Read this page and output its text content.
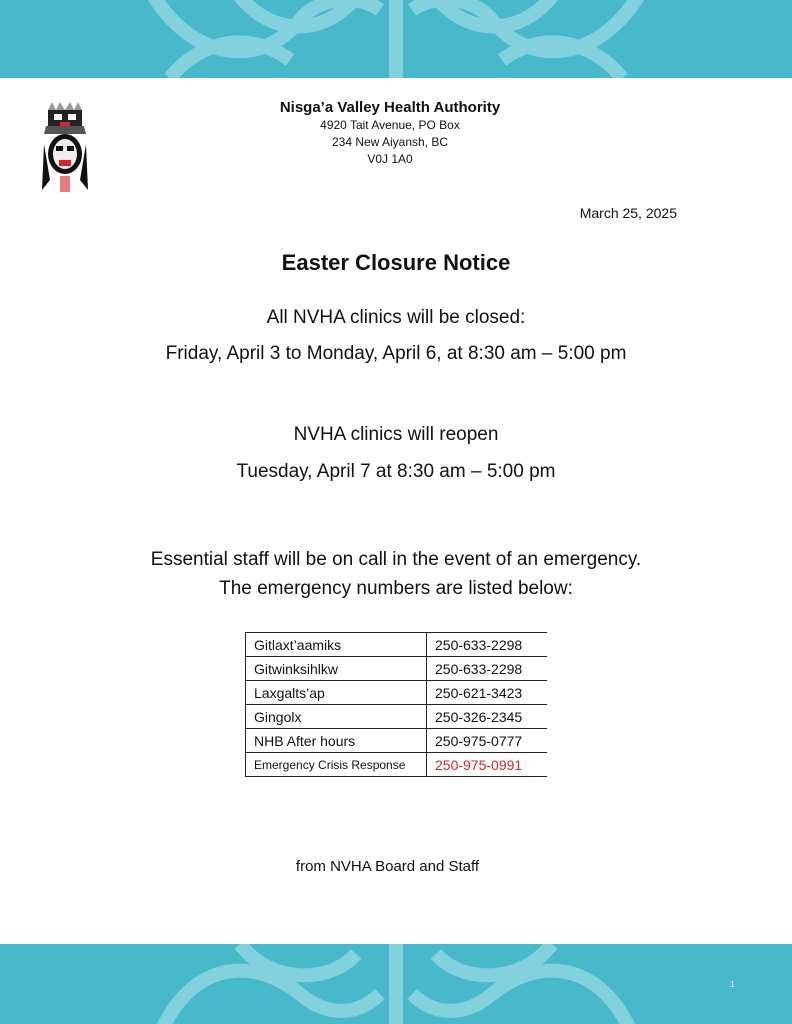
Nisga’a Valley Health Authority
4920 Tait Avenue, PO Box
234 New Aiyansh, BC
V0J 1A0
March 25, 2025
Easter Closure Notice
All NVHA clinics will be closed:
Friday, April 3 to Monday, April 6, at 8:30 am – 5:00 pm
NVHA clinics will reopen
Tuesday, April 7 at 8:30 am – 5:00 pm
Essential staff will be on call in the event of an emergency.
The emergency numbers are listed below:
Gitlaxt’aamiks	250-633-2298
Gitwinksihlkw	250-633-2298
Laxgalts’ap	250-621-3423
Gingolx	250-326-2345
NHB After hours	250-975-0777
Emergency Crisis Response	250-975-0991
from NVHA Board and Staff
1
